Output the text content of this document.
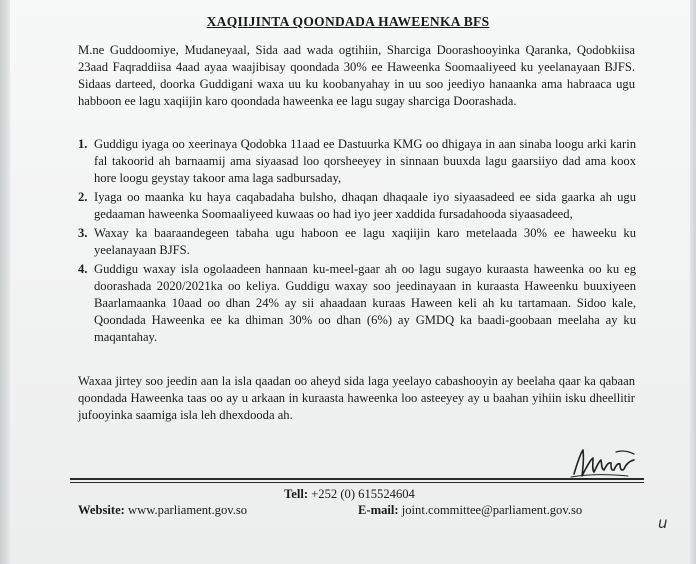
XAQIIJINTA QOONDADA HAWEENKA BFS
M.ne Guddoomiye, Mudaneyaal, Sida aad wada ogtihiin, Sharciga Doorashooyinka Qaranka, Qodobkiisa 23aad Faqraddiisa 4aad ayaa waajibisay qoondada 30% ee Haweenka Soomaaliyeed ku yeelanayaan BJFS. Sidaas darteed, doorka Guddigani waxa uu ku koobanyahay in uu soo jeediyo hanaanka ama habraaca ugu habboon ee lagu xaqiijin karo qoondada haweenka ee lagu sugay sharciga Doorashada.
1. Guddigu iyaga oo xeerinaya Qodobka 11aad ee Dastuurka KMG oo dhigaya in aan sinaba loogu arki karin fal takoorid ah barnaamij ama siyaasad loo qorsheeyey in sinnaan buuxda lagu gaarsiiyo dad ama koox hore loogu geystay takoor ama laga sadbursaday,
2. Iyaga oo maanka ku haya caqabadaha bulsho, dhaqan dhaqaale iyo siyaasadeed ee sida gaarka ah ugu gedaaman haweenka Soomaaliyeed kuwaas oo had iyo jeer xaddida fursadahooda siyaasadeed,
3. Waxay ka baaraandegeen tabaha ugu haboon ee lagu xaqiijin karo metelaada 30% ee haweeku ku yeelanayaan BJFS.
4. Guddigu waxay isla ogolaadeen hannaan ku-meel-gaar ah oo lagu sugayo kuraasta haweenka oo ku eg doorashada 2020/2021ka oo keliya. Guddigu waxay soo jeedinayaan in kuraasta Haweenku buuxiyeen Baarlamaanka 10aad oo dhan 24% ay sii ahaadaan kuraas Haween keli ah ku tartamaan. Sidoo kale, Qoondada Haweenka ee ka dhiman 30% oo dhan (6%) ay GMDQ ka baadi-goobaan meelaha ay ku maqantahay.
Waxaa jirtey soo jeedin aan la isla qaadan oo aheyd sida laga yeelayo cabashooyin ay beelaha qaar ka qabaan qoondada Haweenka taas oo ay u arkaan in kuraasta haweenka loo asteeyey ay u baahan yihiin isku dheellitir jufooyinka saamiga isla leh dhexdooda ah.
Tell: +252 (0) 615524604
Website: www.parliament.gov.so	E-mail: joint.committee@parliament.gov.so
u
